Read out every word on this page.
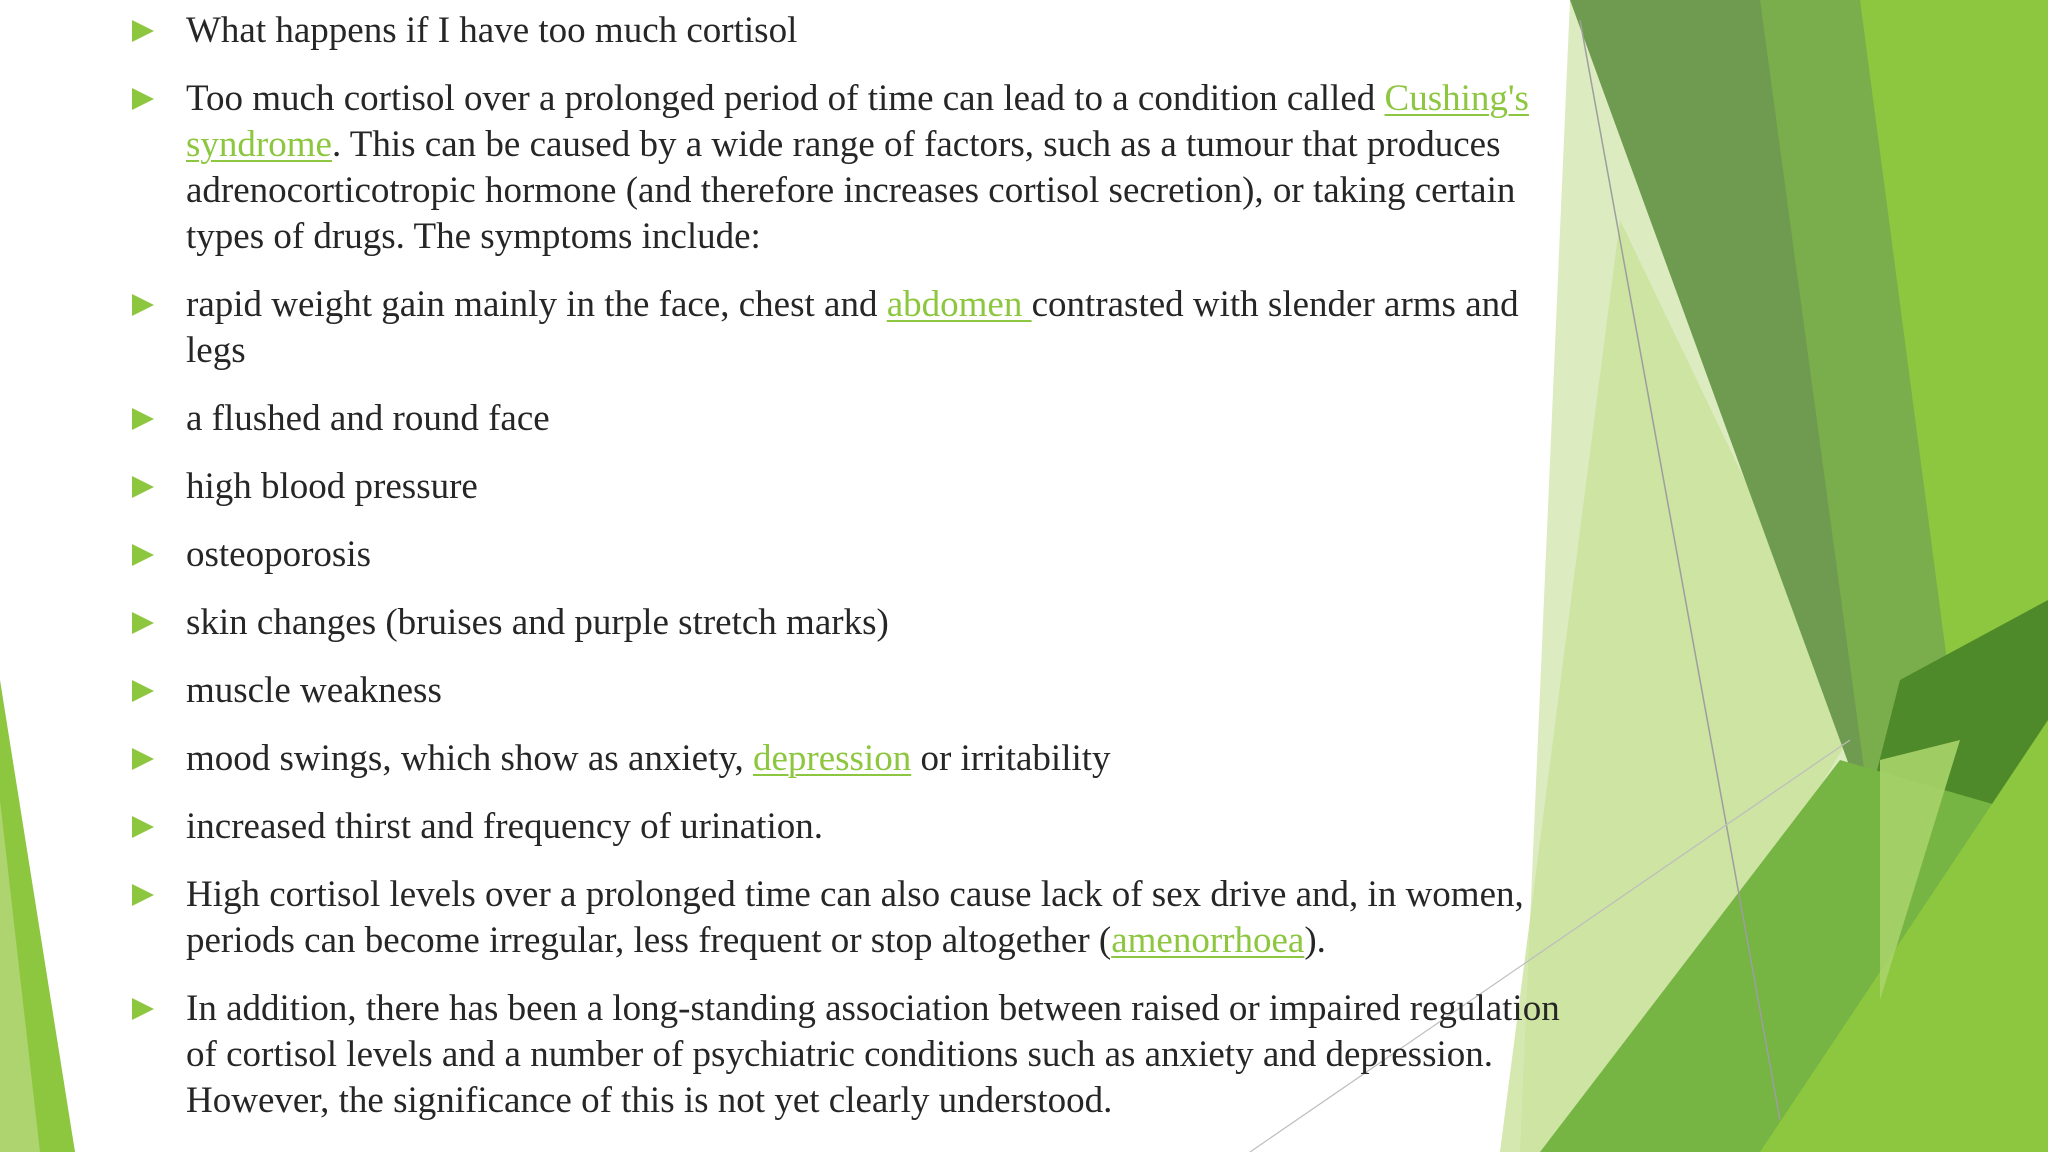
What happens if I have too much cortisol
Too much cortisol over a prolonged period of time can lead to a condition called Cushing's syndrome. This can be caused by a wide range of factors, such as a tumour that produces adrenocorticotropic hormone (and therefore increases cortisol secretion), or taking certain types of drugs. The symptoms include:
rapid weight gain mainly in the face, chest and abdomen contrasted with slender arms and legs
a flushed and round face
high blood pressure
osteoporosis
skin changes (bruises and purple stretch marks)
muscle weakness
mood swings, which show as anxiety, depression or irritability
increased thirst and frequency of urination.
High cortisol levels over a prolonged time can also cause lack of sex drive and, in women, periods can become irregular, less frequent or stop altogether (amenorrhoea).
In addition, there has been a long-standing association between raised or impaired regulation of cortisol levels and a number of psychiatric conditions such as anxiety and depression. However, the significance of this is not yet clearly understood.
